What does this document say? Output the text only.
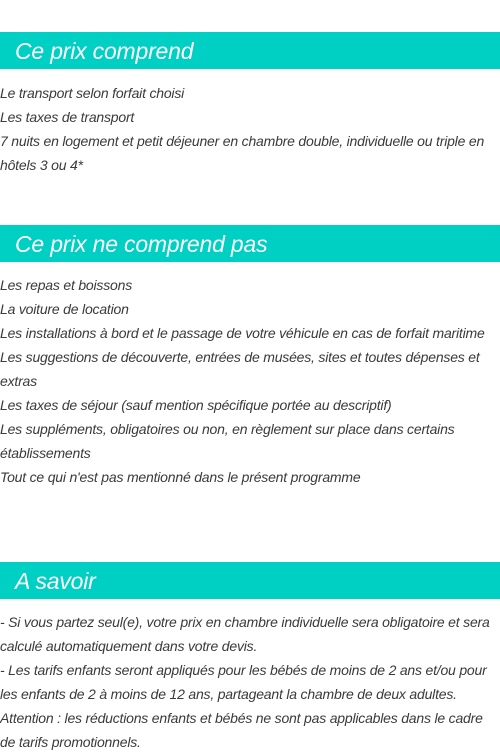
Ce prix comprend
Le transport selon forfait choisi
Les taxes de transport
7 nuits en logement et petit déjeuner en chambre double, individuelle ou triple en hôtels 3 ou 4*
Ce prix ne comprend pas
Les repas et boissons
La voiture de location
Les installations à bord et le passage de votre véhicule en cas de forfait maritime
Les suggestions de découverte, entrées de musées, sites et toutes dépenses et extras
Les taxes de séjour (sauf mention spécifique portée au descriptif)
Les suppléments, obligatoires ou non, en règlement sur place dans certains établissements
Tout ce qui n'est pas mentionné dans le présent programme
A savoir
- Si vous partez seul(e), votre prix en chambre individuelle sera obligatoire et sera calculé automatiquement dans votre devis.
- Les tarifs enfants seront appliqués pour les bébés de moins de 2 ans et/ou pour les enfants de 2 à moins de 12 ans, partageant la chambre de deux adultes.
Attention : les réductions enfants et bébés ne sont pas applicables dans le cadre de tarifs promotionnels.
